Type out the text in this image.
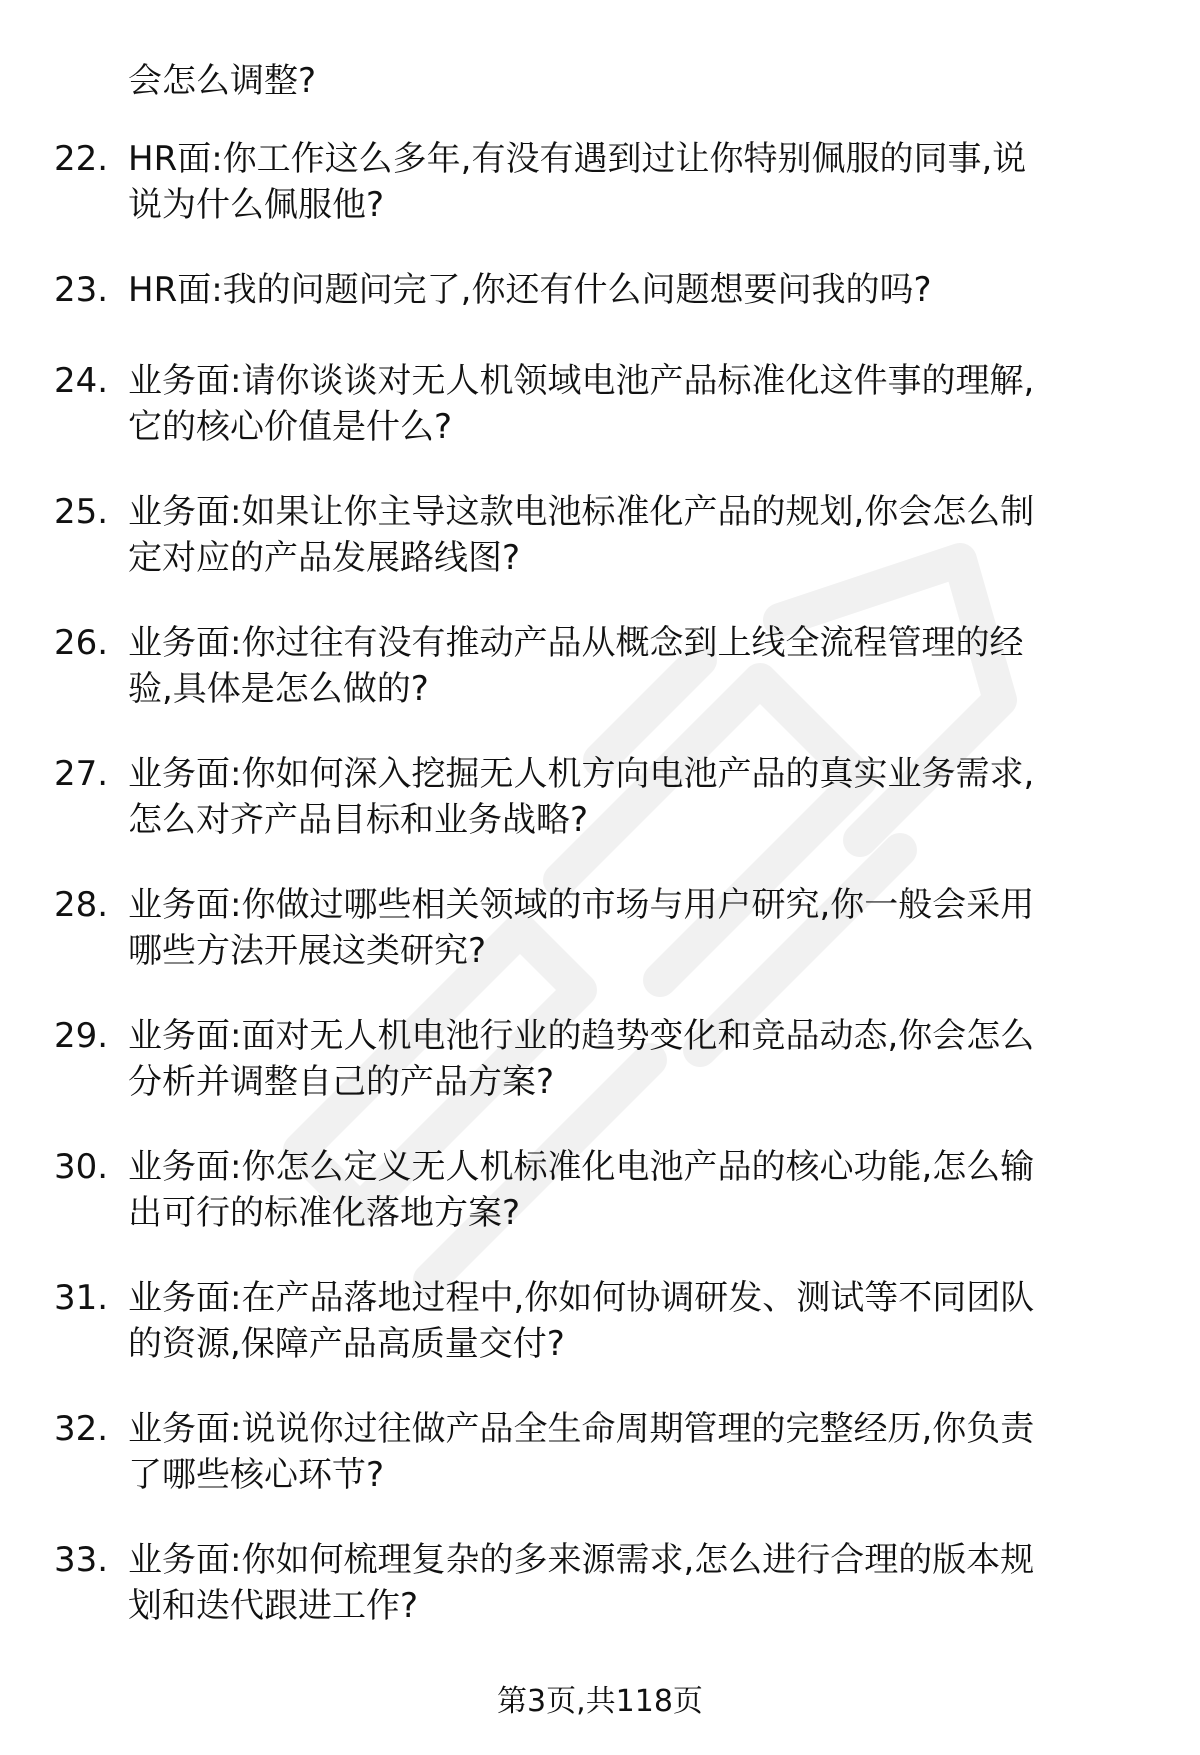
会怎么调整?
22. HR面:你工作这么多年,有没有遇到过让你特别佩服的同事,说
说为什么佩服他?
23. HR面:我的问题问完了,你还有什么问题想要问我的吗?
24. 业务面:请你谈谈对无人机领域电池产品标准化这件事的理解,
它的核心价值是什么?
25. 业务面:如果让你主导这款电池标准化产品的规划,你会怎么制
定对应的产品发展路线图?
26. 业务面:你过往有没有推动产品从概念到上线全流程管理的经
验,具体是怎么做的?
27. 业务面:你如何深入挖掘无人机方向电池产品的真实业务需求,
怎么对齐产品目标和业务战略?
28. 业务面:你做过哪些相关领域的市场与用户研究,你一般会采用
哪些方法开展这类研究?
29. 业务面:面对无人机电池行业的趋势变化和竞品动态,你会怎么
分析并调整自己的产品方案?
30. 业务面:你怎么定义无人机标准化电池产品的核心功能,怎么输
出可行的标准化落地方案?
31. 业务面:在产品落地过程中,你如何协调研发、测试等不同团队
的资源,保障产品高质量交付?
32. 业务面:说说你过往做产品全生命周期管理的完整经历,你负责
了哪些核心环节?
33. 业务面:你如何梳理复杂的多来源需求,怎么进行合理的版本规
划和迭代跟进工作?
第3页,共118页
